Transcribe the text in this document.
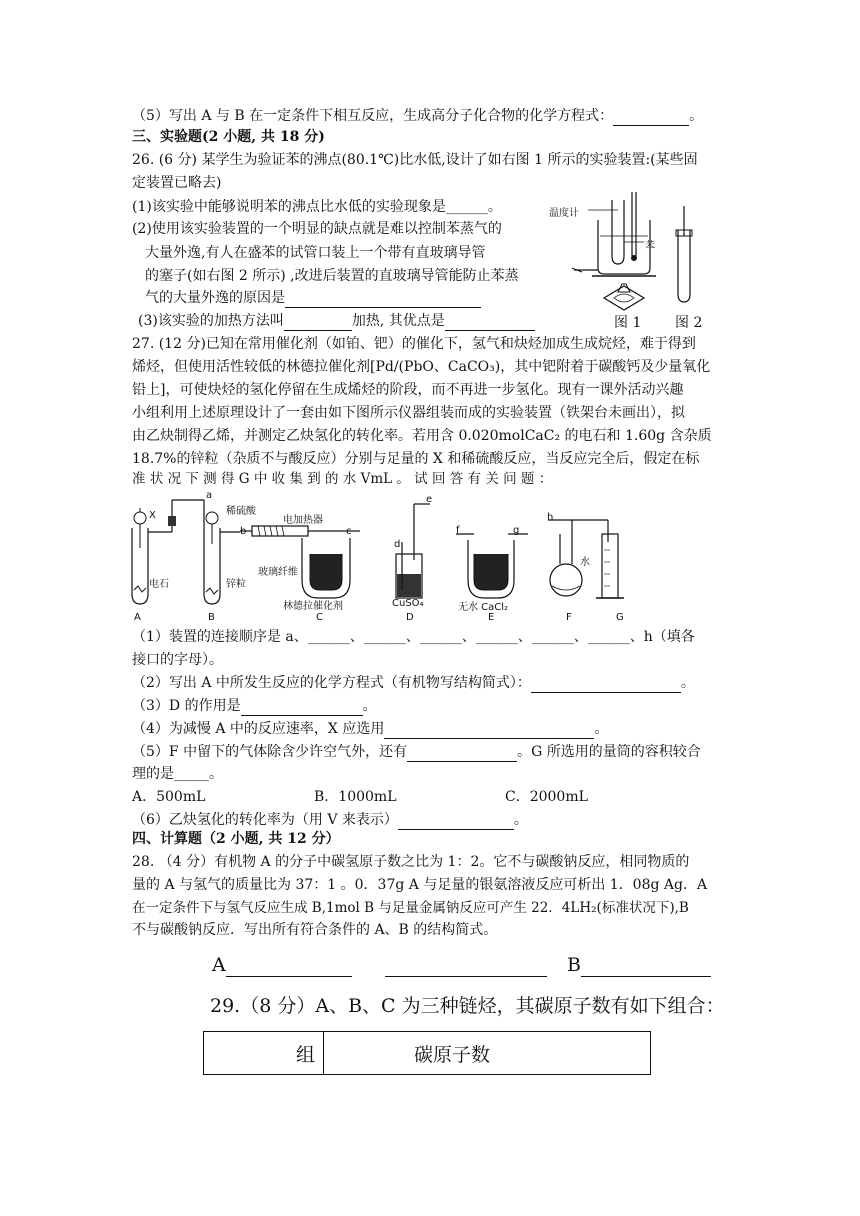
（5）写出 A 与 B 在一定条件下相互反应，生成高分子化合物的化学方程式：	。
三、实验题(2 小题, 共 18 分)
26. (6 分) 某学生为验证苯的沸点(80.1℃)比水低,设计了如右图 1 所示的实验装置:(某些固
定装置已略去)
(1)该实验中能够说明苯的沸点比水低的实验现象是______。
(2)使用该实验装置的一个明显的缺点就是难以控制苯蒸气的
大量外逸,有人在盛苯的试管口装上一个带有直玻璃导管
的塞子(如右图 2 所示) ,改进后装置的直玻璃导管能防止苯蒸
气的大量外逸的原因是
(3)该实验的加热方法叫	加热, 其优点是
温度计
苯
图 1 图 2
27. (12 分)已知在常用催化剂（如铂、钯）的催化下，氢气和炔烃加成生成烷烃，难于得到
烯烃，但使用活性较低的林德拉催化剂[Pd/(PbO、CaCO₃)，其中钯附着于碳酸钙及少量氧化
铅上]，可使炔烃的氢化停留在生成烯烃的阶段，而不再进一步氢化。现有一课外活动兴趣
小组利用上述原理设计了一套由如下图所示仪器组装而成的实验装置（铁架台未画出），拟
由乙炔制得乙烯，并测定乙炔氢化的转化率。若用含 0.020molCaC₂ 的电石和 1.60g 含杂质
18.7%的锌粒（杂质不与酸反应）分别与足量的 X 和稀硫酸反应，当反应完全后，假定在标
准 状 况 下 测 得 G 中 收 集 到 的 水 VmL 。 试 回 答 有 关 问 题 ：
X
电石
稀硫酸
锌粒
电加热器
玻璃纤维
林德拉催化剂	CuSO₄	无水 CaCl₂
水
a
b	c
d
e
f	g
h
A	B	C	D	E	F	G
（1）装置的连接顺序是 a、______、______、______、______、______、______、h（填各
接口的字母）。
（2）写出 A 中所发生反应的化学方程式（有机物写结构简式）：	。
（3）D 的作用是	。
（4）为减慢 A 中的反应速率，X 应选用	。
（5）F 中留下的气体除含少许空气外，还有	。G 所选用的量筒的容积较合
理的是_____。
A．500mL	B．1000mL	C．2000mL
（6）乙炔氢化的转化率为（用 V 来表示）	。
四、计算题（2 小题, 共 12 分）
28. （4 分）有机物 A 的分子中碳氢原子数之比为 1：2。它不与碳酸钠反应，相同物质的
量的 A 与氢气的质量比为 37：1 。0．37g A 与足量的银氨溶液反应可析出 1．08g Ag．A
在一定条件下与氢气反应生成 B,1mol B 与足量金属钠反应可产生 22．4LH₂(标准状况下),B
不与碳酸钠反应．写出所有符合条件的 A、B 的结构简式。
A	B
29.（8 分）A、B、C 为三种链烃，其碳原子数有如下组合：
组	碳原子数
